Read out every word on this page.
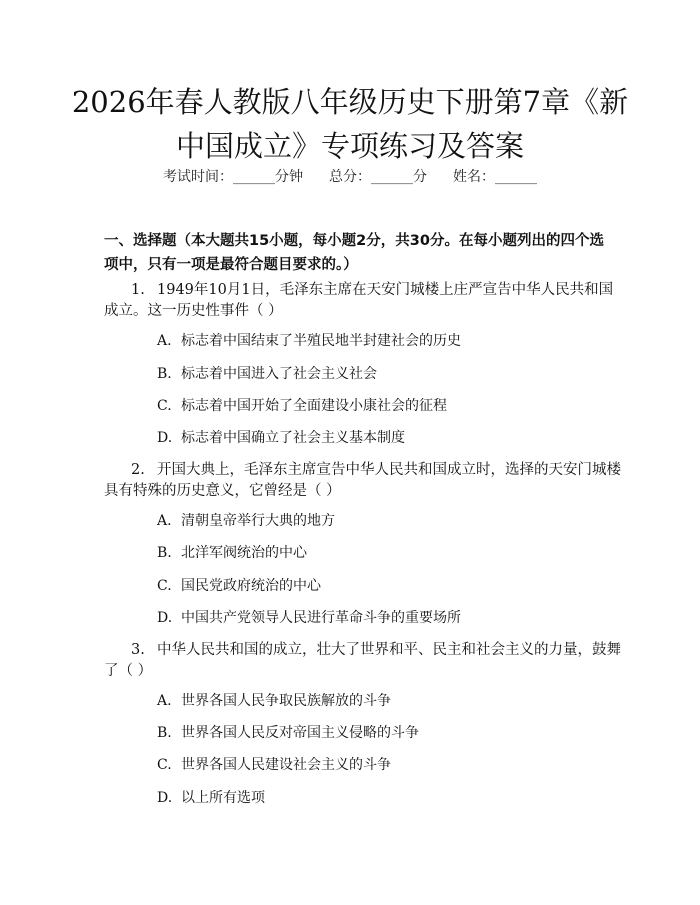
2026年春人教版八年级历史下册第7章《新
中国成立》专项练习及答案
考试时间：______分钟 总分：______分 姓名：______
一、选择题（本大题共15小题，每小题2分，共30分。在每小题列出的四个选项中，只有一项是最符合题目要求的。）
1. 1949年10月1日，毛泽东主席在天安门城楼上庄严宣告中华人民共和国
成立。这一历史性事件（ ）
A. 标志着中国结束了半殖民地半封建社会的历史
B. 标志着中国进入了社会主义社会
C. 标志着中国开始了全面建设小康社会的征程
D. 标志着中国确立了社会主义基本制度
2. 开国大典上，毛泽东主席宣告中华人民共和国成立时，选择的天安门城楼
具有特殊的历史意义，它曾经是（ ）
A. 清朝皇帝举行大典的地方
B. 北洋军阀统治的中心
C. 国民党政府统治的中心
D. 中国共产党领导人民进行革命斗争的重要场所
3. 中华人民共和国的成立，壮大了世界和平、民主和社会主义的力量，鼓舞
了（ ）
A. 世界各国人民争取民族解放的斗争
B. 世界各国人民反对帝国主义侵略的斗争
C. 世界各国人民建设社会主义的斗争
D. 以上所有选项
